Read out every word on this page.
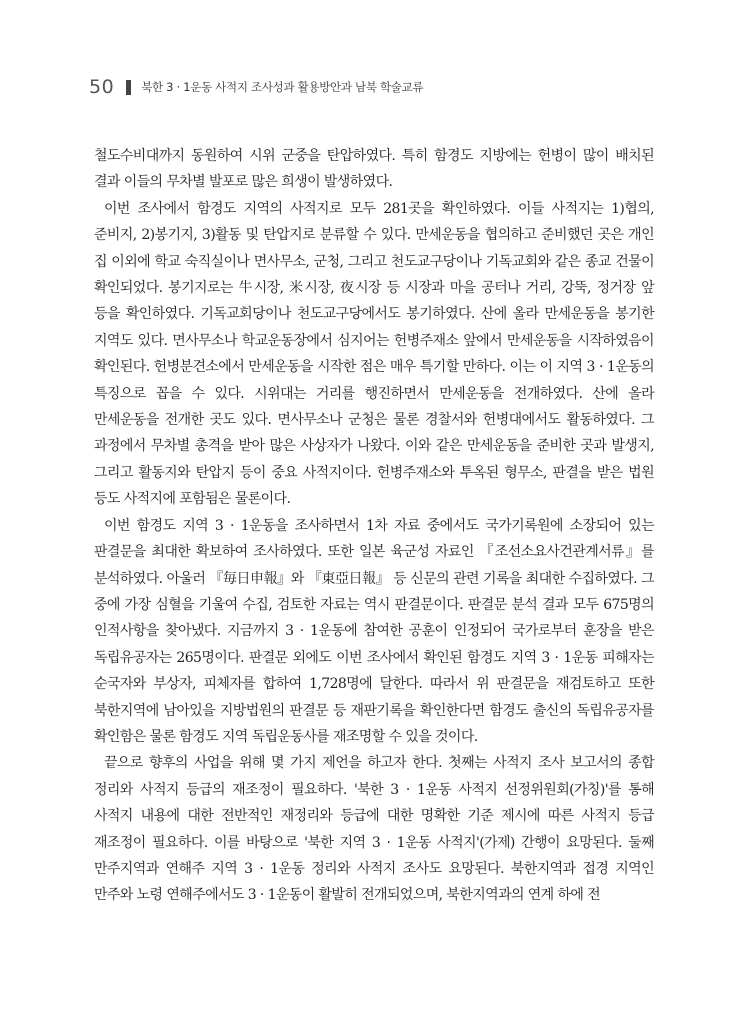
50 북한 3 · 1운동 사적지 조사성과 활용방안과 남북 학술교류

철도수비대까지 동원하여 시위 군중을 탄압하였다. 특히 함경도 지방에는 헌병이 많이 배치된 결과 이들의 무차별 발포로 많은 희생이 발생하였다.

이번 조사에서 함경도 지역의 사적지로 모두 281곳을 확인하였다. 이들 사적지는 1)협의, 준비지, 2)봉기지, 3)활동 및 탄압지로 분류할 수 있다. 만세운동을 협의하고 준비했던 곳은 개인 집 이외에 학교 숙직실이나 면사무소, 군청, 그리고 천도교구당이나 기독교회와 같은 종교 건물이 확인되었다. 봉기지로는 牛시장, 米시장, 夜시장 등 시장과 마을 공터나 거리, 강뚝, 정거장 앞 등을 확인하였다. 기독교회당이나 천도교구당에서도 봉기하였다. 산에 올라 만세운동을 봉기한 지역도 있다. 면사무소나 학교운동장에서 심지어는 헌병주재소 앞에서 만세운동을 시작하였음이 확인된다. 헌병분견소에서 만세운동을 시작한 점은 매우 특기할 만하다. 이는 이 지역 3 · 1운동의 특징으로 꼽을 수 있다. 시위대는 거리를 행진하면서 만세운동을 전개하였다. 산에 올라 만세운동을 전개한 곳도 있다. 면사무소나 군청은 물론 경찰서와 헌병대에서도 활동하였다. 그 과정에서 무차별 총격을 받아 많은 사상자가 나왔다. 이와 같은 만세운동을 준비한 곳과 발생지, 그리고 활동지와 탄압지 등이 중요 사적지이다. 헌병주재소와 투옥된 형무소, 판결을 받은 법원 등도 사적지에 포함됨은 물론이다.

이번 함경도 지역 3 · 1운동을 조사하면서 1차 자료 중에서도 국가기록원에 소장되어 있는 판결문을 최대한 확보하여 조사하였다. 또한 일본 육군성 자료인 『조선소요사건관계서류』를 분석하였다. 아울러 『毎日申報』와 『東亞日報』 등 신문의 관련 기록을 최대한 수집하였다. 그 중에 가장 심혈을 기울여 수집, 검토한 자료는 역시 판결문이다. 판결문 분석 결과 모두 675명의 인적사항을 찾아냈다. 지금까지 3 · 1운동에 참여한 공훈이 인정되어 국가로부터 훈장을 받은 독립유공자는 265명이다. 판결문 외에도 이번 조사에서 확인된 함경도 지역 3 · 1운동 피해자는 순국자와 부상자, 피체자를 합하여 1,728명에 달한다. 따라서 위 판결문을 재검토하고 또한 북한지역에 남아있을 지방법원의 판결문 등 재판기록을 확인한다면 함경도 출신의 독립유공자를 확인함은 물론 함경도 지역 독립운동사를 재조명할 수 있을 것이다.

끝으로 향후의 사업을 위해 몇 가지 제언을 하고자 한다. 첫째는 사적지 조사 보고서의 종합 정리와 사적지 등급의 재조정이 필요하다. '북한 3 · 1운동 사적지 선정위원회(가칭)'를 통해 사적지 내용에 대한 전반적인 재정리와 등급에 대한 명확한 기준 제시에 따른 사적지 등급 재조정이 필요하다. 이를 바탕으로 '북한 지역 3 · 1운동 사적지'(가제) 간행이 요망된다. 둘째 만주지역과 연해주 지역 3 · 1운동 정리와 사적지 조사도 요망된다. 북한지역과 접경 지역인 만주와 노령 연해주에서도 3 · 1운동이 활발히 전개되었으며, 북한지역과의 연계 하에 전
